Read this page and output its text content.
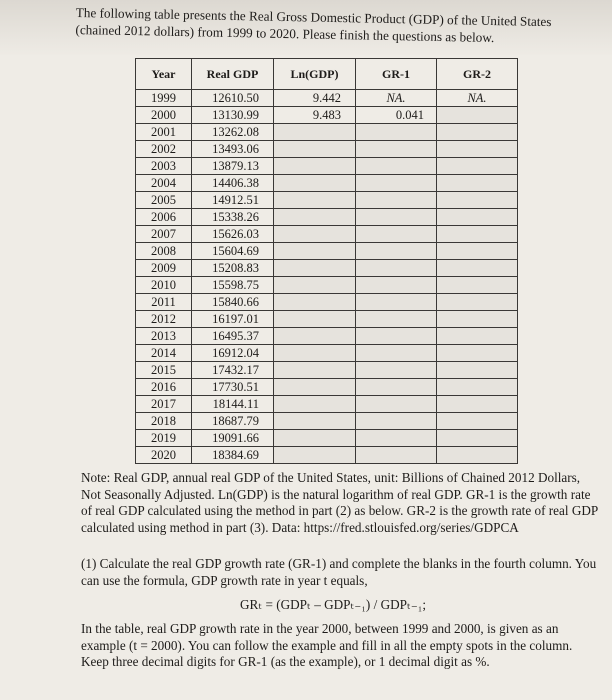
The following table presents the Real Gross Domestic Product (GDP) of the United States (chained 2012 dollars) from 1999 to 2020. Please finish the questions as below.

Year	Real GDP	Ln(GDP)	GR-1	GR-2
1999	12610.50	9.442	NA.	NA.
2000	13130.99	9.483	0.041	
2001	13262.08			
2002	13493.06			
2003	13879.13			
2004	14406.38			
2005	14912.51			
2006	15338.26			
2007	15626.03			
2008	15604.69			
2009	15208.83			
2010	15598.75			
2011	15840.66			
2012	16197.01			
2013	16495.37			
2014	16912.04			
2015	17432.17			
2016	17730.51			
2017	18144.11			
2018	18687.79			
2019	19091.66			
2020	18384.69			

Note: Real GDP, annual real GDP of the United States, unit: Billions of Chained 2012 Dollars, Not Seasonally Adjusted. Ln(GDP) is the natural logarithm of real GDP. GR-1 is the growth rate of real GDP calculated using the method in part (2) as below. GR-2 is the growth rate of real GDP calculated using method in part (3). Data: https://fred.stlouisfed.org/series/GDPCA

(1) Calculate the real GDP growth rate (GR-1) and complete the blanks in the fourth column. You can use the formula, GDP growth rate in year t equals,

GRₜ = (GDPₜ – GDPₜ₋₁) / GDPₜ₋₁;

In the table, real GDP growth rate in the year 2000, between 1999 and 2000, is given as an example (t = 2000). You can follow the example and fill in all the empty spots in the column. Keep three decimal digits for GR-1 (as the example), or 1 decimal digit as %.
